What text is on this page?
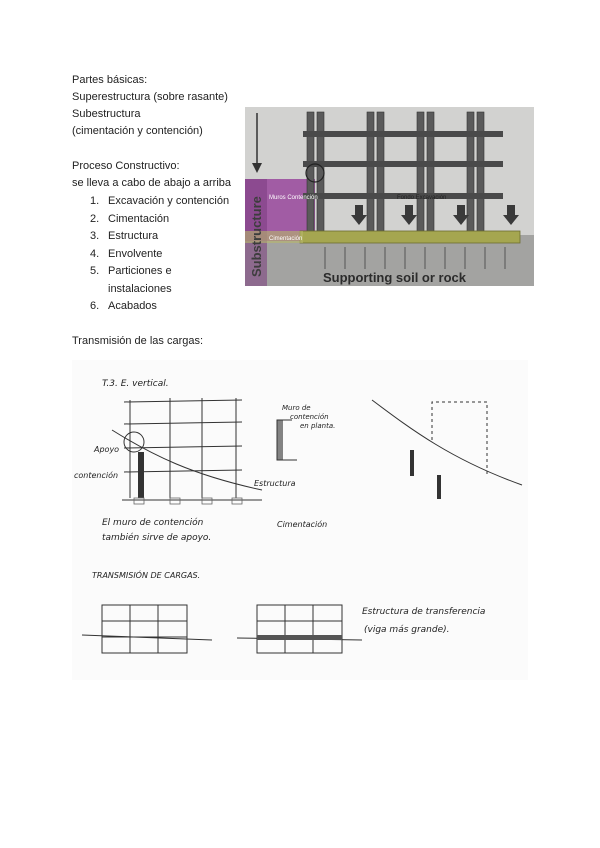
Partes básicas:
Superestructura (sobre rasante)
Subestructura
(cimentación y contención)
Proceso Constructivo:
se lleva a cabo de abajo a arriba
1. Excavación y contención
2. Cimentación
3. Estructura
4. Envolvente
5. Particiones e
instalaciones
6. Acabados
Substructure Muros Contención	Fondo Excavación
Cimentación
Supporting soil or rock
Transmisión de las cargas:
T.3. E. vertical.
Apoyo
contención
Estructura
Muro de
contención
en planta.
El muro de contención
también sirve de apoyo.
Cimentación
TRANSMISIÓN DE CARGAS.
Estructura de transferencia
(viga más grande).
